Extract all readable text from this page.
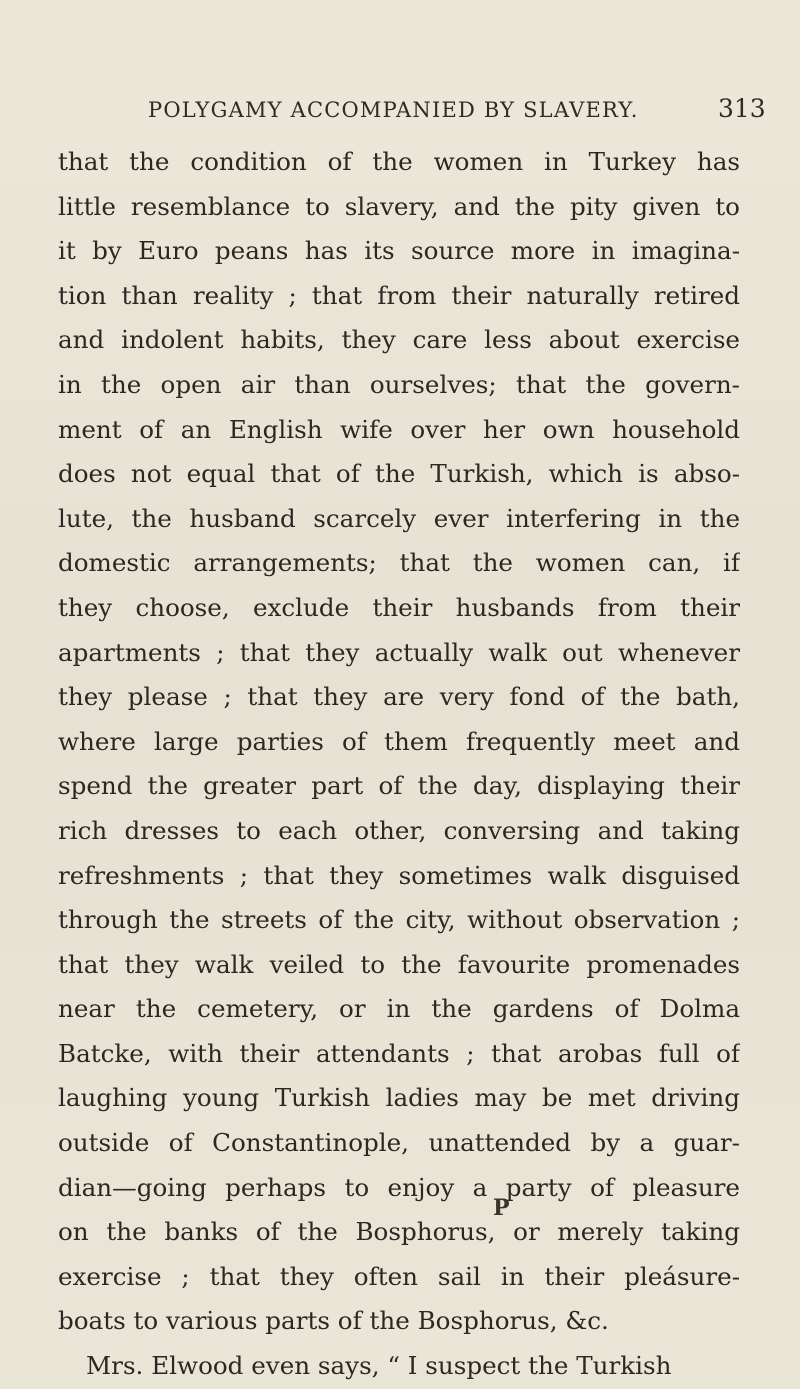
POLYGAMY ACCOMPANIED BY SLAVERY.	313
that the condition of the women in Turkey has
little resemblance to slavery, and the pity given to
it by Euro peans has its source more in imagina-
tion than reality ; that from their naturally retired
and indolent habits, they care less about exercise
in the open air than ourselves; that the govern-
ment of an English wife over her own household
does not equal that of the Turkish, which is abso-
lute, the husband scarcely ever interfering in the
domestic arrangements; that the women can, if
they choose, exclude their husbands from their
apartments ; that they actually walk out whenever
they please ; that they are very fond of the bath,
where large parties of them frequently meet and
spend the greater part of the day, displaying their
rich dresses to each other, conversing and taking
refreshments ; that they sometimes walk disguised
through the streets of the city, without observation ;
that they walk veiled to the favourite promenades
near the cemetery, or in the gardens of Dolma
Batcke, with their attendants ; that arobas full of
laughing young Turkish ladies may be met driving
outside of Constantinople, unattended by a guar-
dian—going perhaps to enjoy a party of pleasure
on the banks of the Bosphorus, or merely taking
exercise ; that they often sail in their pleásure-
boats to various parts of the Bosphorus, &c.
Mrs. Elwood even says, “ I suspect the Turkish
P
